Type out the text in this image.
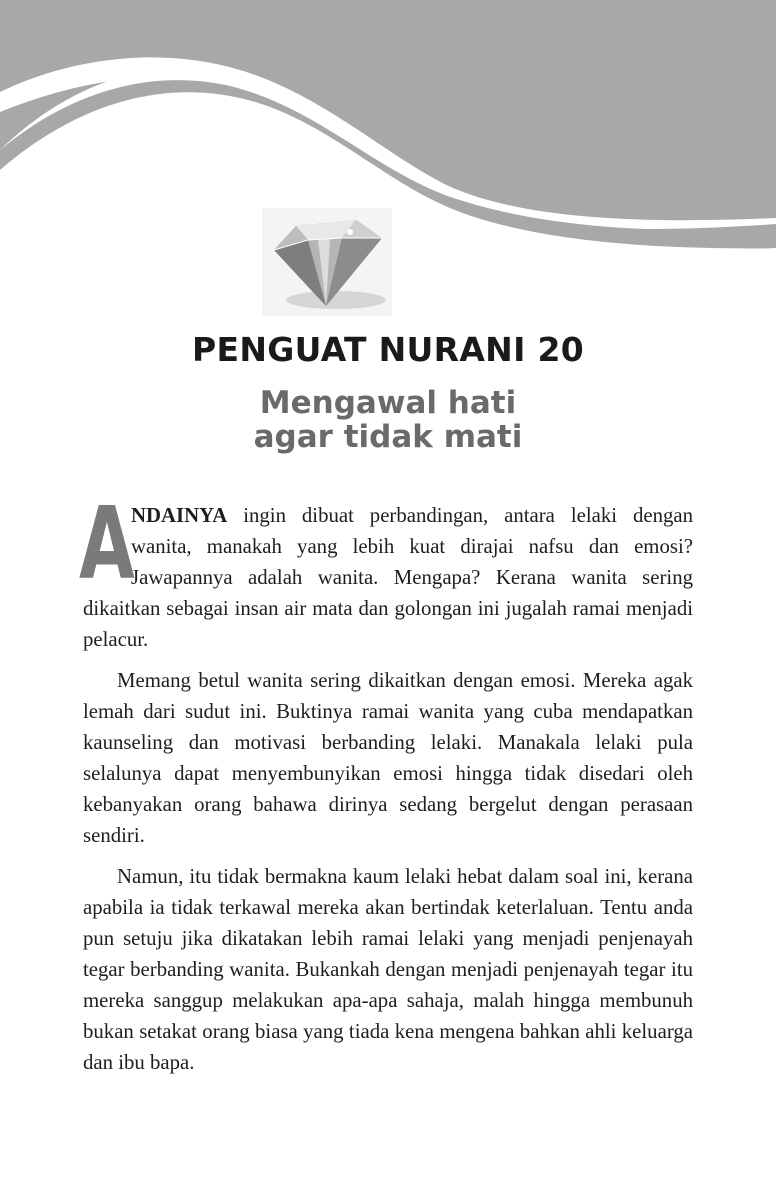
PENGUAT NURANI 20
Mengawal hati
agar tidak mati

A
NDAINYA ingin dibuat perbandingan, antara lelaki dengan wanita, manakah yang lebih kuat dirajai nafsu dan emosi? Jawapannya adalah wanita. Mengapa? Kerana wanita sering dikaitkan sebagai insan air mata dan golongan ini jugalah ramai menjadi pelacur.

Memang betul wanita sering dikaitkan dengan emosi. Mereka agak lemah dari sudut ini. Buktinya ramai wanita yang cuba mendapatkan kaunseling dan motivasi berbanding lelaki. Manakala lelaki pula selalunya dapat menyembunyikan emosi hingga tidak disedari oleh kebanyakan orang bahawa dirinya sedang bergelut dengan perasaan sendiri.

Namun, itu tidak bermakna kaum lelaki hebat dalam soal ini, kerana apabila ia tidak terkawal mereka akan bertindak keterlaluan. Tentu anda pun setuju jika dikatakan lebih ramai lelaki yang menjadi penjenayah tegar berbanding wanita. Bukankah dengan menjadi penjenayah tegar itu mereka sanggup melakukan apa-apa sahaja, malah hingga membunuh bukan setakat orang biasa yang tiada kena mengena bahkan ahli keluarga dan ibu bapa.
